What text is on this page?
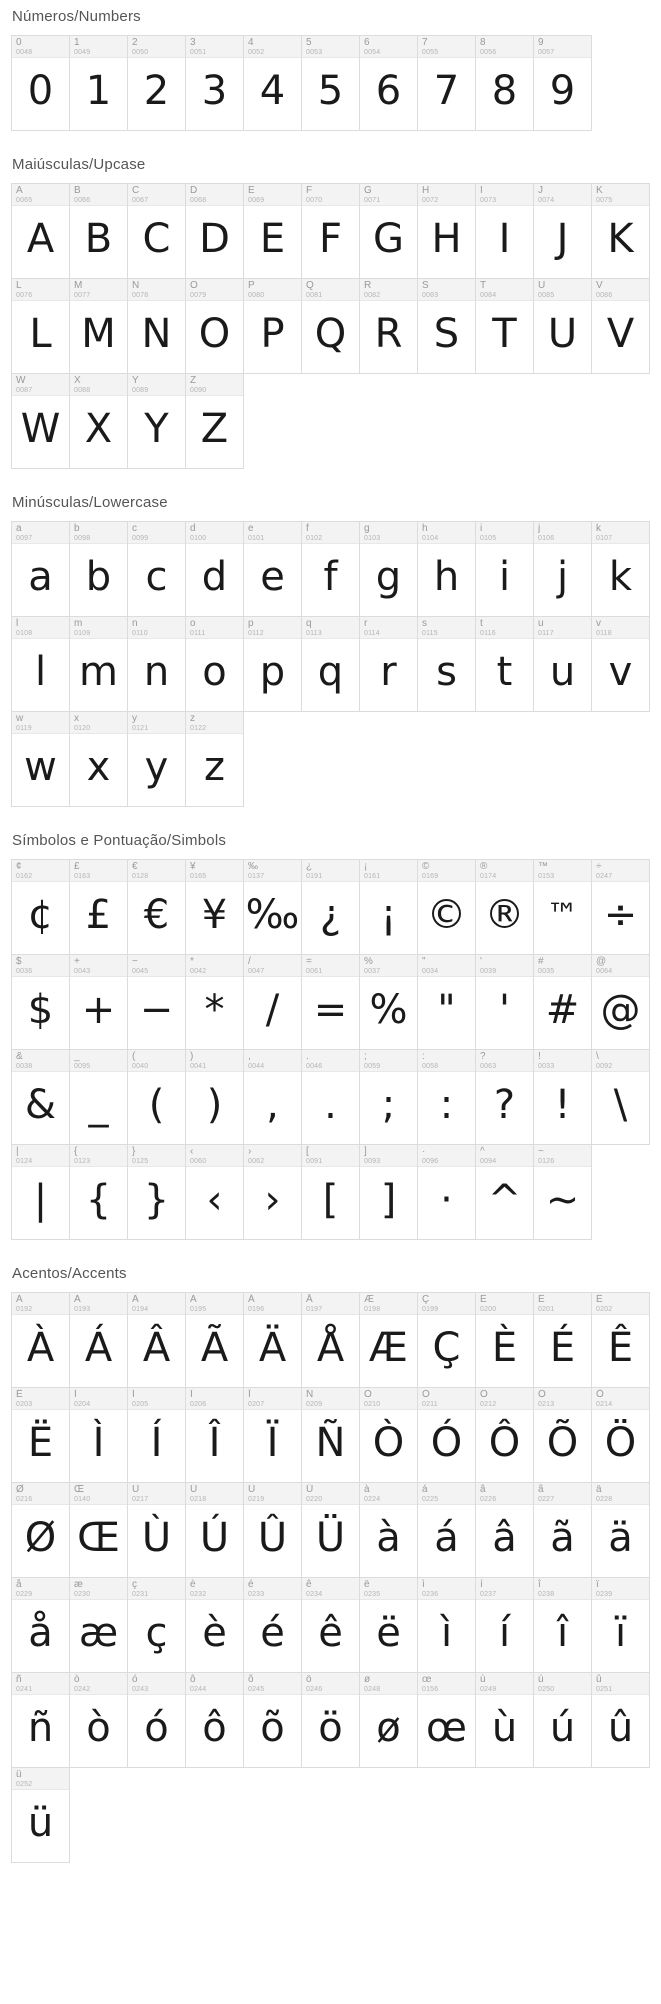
Números/Numbers
0
0048
0
1
0049
1
2
0050
2
3
0051
3
4
0052
4
5
0053
5
6
0054
6
7
0055
7
8
0056
8
9
0057
9
Maiúsculas/Upcase
A
0065
A
B
0066
B
C
0067
C
D
0068
D
E
0069
E
F
0070
F
G
0071
G
H
0072
H
I
0073
I
J
0074
J
K
0075
K
L
0076
L
M
0077
M
N
0078
N
O
0079
O
P
0080
P
Q
0081
Q
R
0082
R
S
0083
S
T
0084
T
U
0085
U
V
0086
V
W
0087
W
X
0088
X
Y
0089
Y
Z
0090
Z
Minúsculas/Lowercase
a
0097
a
b
0098
b
c
0099
c
d
0100
d
e
0101
e
f
0102
f
g
0103
g
h
0104
h
i
0105
i
j
0106
j
k
0107
k
l
0108
l
m
0109
m
n
0110
n
o
0111
o
p
0112
p
q
0113
q
r
0114
r
s
0115
s
t
0116
t
u
0117
u
v
0118
v
w
0119
w
x
0120
x
y
0121
y
z
0122
z
Símbolos e Pontuação/Simbols
¢
0162
¢
£
0163
£
€
0128
€
¥
0165
¥
‰
0137
‰
¿
0191
¿
¡
0161
¡
©
0169
©
®
0174
®
™
0153
™
÷
0247
÷
$
0036
$
+
0043
+
−
0045
−
*
0042
*
/
0047
/
=
0061
=
%
0037
%
"
0034
"
'
0039
'
#
0035
#
@
0064
@
&
0038
&
_
0095
_
(
0040
(
)
0041
)
,
0044
,
.
0046
.
;
0059
;
:
0058
:
?
0063
?
!
0033
!
\
0092
\
|
0124
|
{
0123
{
}
0125
}
‹
0060
‹
›
0062
›
[
0091
[
]
0093
]
·
0096
·
^
0094
^
~
0126
~
Acentos/Accents
À
0192
À
Á
0193
Á
Â
0194
Â
Ã
0195
Ã
Ä
0196
Ä
Å
0197
Å
Æ
0198
Æ
Ç
0199
Ç
È
0200
È
É
0201
É
Ê
0202
Ê
Ë
0203
Ë
Ì
0204
Ì
Í
0205
Í
Î
0206
Î
Ï
0207
Ï
Ñ
0209
Ñ
Ò
0210
Ò
Ó
0211
Ó
Ô
0212
Ô
Õ
0213
Õ
Ö
0214
Ö
Ø
0216
Ø
Œ
0140
Œ
Ù
0217
Ù
Ú
0218
Ú
Û
0219
Û
Ü
0220
Ü
à
0224
à
á
0225
á
â
0226
â
ã
0227
ã
ä
0228
ä
å
0229
å
æ
0230
æ
ç
0231
ç
è
0232
è
é
0233
é
ê
0234
ê
ë
0235
ë
ì
0236
ì
í
0237
í
î
0238
î
ï
0239
ï
ñ
0241
ñ
ò
0242
ò
ó
0243
ó
ô
0244
ô
õ
0245
õ
ö
0246
ö
ø
0248
ø
œ
0156
œ
ù
0249
ù
ú
0250
ú
û
0251
û
ü
0252
ü
